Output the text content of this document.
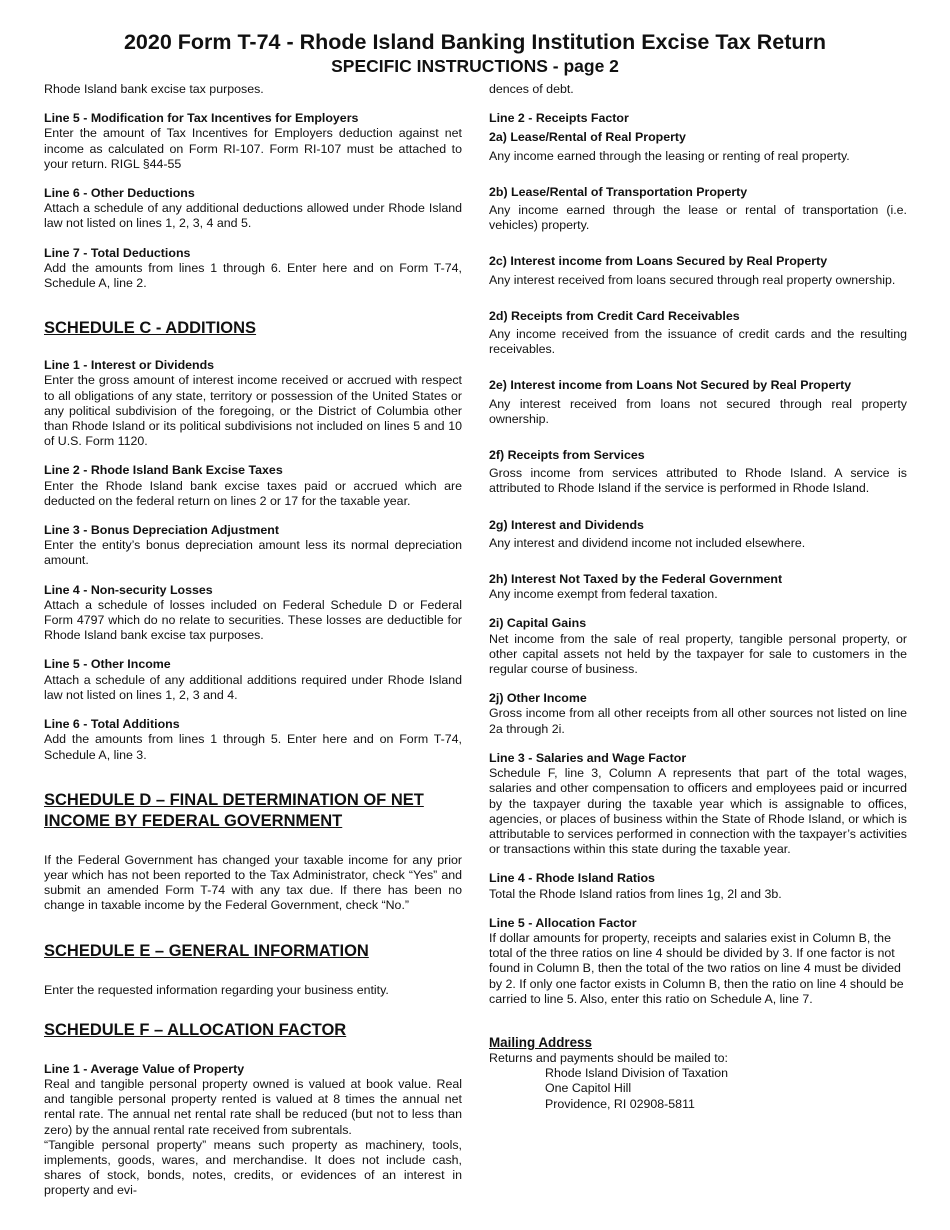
2020 Form T-74 - Rhode Island Banking Institution Excise Tax Return
SPECIFIC INSTRUCTIONS - page 2

Rhode Island bank excise tax purposes.

Line 5 - Modification for Tax Incentives for Employers

Enter the amount of Tax Incentives for Employers deduction against net income as calculated on Form RI-107. Form RI-107 must be attached to your return. RIGL §44-55

Line 6 - Other Deductions

Attach a schedule of any additional deductions allowed under Rhode Island law not listed on lines 1, 2, 3, 4 and 5.

Line 7 - Total Deductions

Add the amounts from lines 1 through 6. Enter here and on Form T-74, Schedule A, line 2.

SCHEDULE C - ADDITIONS

Line 1 - Interest or Dividends

Enter the gross amount of interest income received or accrued with respect to all obligations of any state, territory or possession of the United States or any political subdivision of the foregoing, or the District of Columbia other than Rhode Island or its political subdivisions not included on lines 5 and 10 of U.S. Form 1120.

Line 2 - Rhode Island Bank Excise Taxes

Enter the Rhode Island bank excise taxes paid or accrued which are deducted on the federal return on lines 2 or 17 for the taxable year.

Line 3 - Bonus Depreciation Adjustment

Enter the entity’s bonus depreciation amount less its normal depreciation amount.

Line 4 - Non-security Losses

Attach a schedule of losses included on Federal Schedule D or Federal Form 4797 which do no relate to securities. These losses are deductible for Rhode Island bank excise tax purposes.

Line 5 - Other Income

Attach a schedule of any additional additions required under Rhode Island law not listed on lines 1, 2, 3 and 4.

Line 6 - Total Additions

Add the amounts from lines 1 through 5. Enter here and on Form T-74, Schedule A, line 3.

SCHEDULE D – FINAL DETERMINATION OF NET

INCOME BY FEDERAL GOVERNMENT

If the Federal Government has changed your taxable income for any prior year which has not been reported to the Tax Administrator, check “Yes” and submit an amended Form T-74 with any tax due. If there has been no change in taxable income by the Federal Government, check “No.”

SCHEDULE E – GENERAL INFORMATION

Enter the requested information regarding your business entity.

SCHEDULE F – ALLOCATION FACTOR

Line 1 - Average Value of Property

Real and tangible personal property owned is valued at book value. Real and tangible personal property rented is valued at 8 times the annual net rental rate. The annual net rental rate shall be reduced (but not to less than zero) by the annual rental rate received from subrentals.

“Tangible personal property” means such property as machinery, tools, implements, goods, wares, and merchandise. It does not include cash, shares of stock, bonds, notes, credits, or evidences of an interest in property and evi-

dences of debt.

Line 2 - Receipts Factor

2a) Lease/Rental of Real Property

Any income earned through the leasing or renting of real property.

2b) Lease/Rental of Transportation Property

Any income earned through the lease or rental of transportation (i.e. vehicles) property.

2c) Interest income from Loans Secured by Real Property

Any interest received from loans secured through real property ownership.

2d) Receipts from Credit Card Receivables

Any income received from the issuance of credit cards and the resulting receivables.

2e) Interest income from Loans Not Secured by Real Property

Any interest received from loans not secured through real property ownership.

2f) Receipts from Services

Gross income from services attributed to Rhode Island. A service is attributed to Rhode Island if the service is performed in Rhode Island.

2g) Interest and Dividends

Any interest and dividend income not included elsewhere.

2h) Interest Not Taxed by the Federal Government

Any income exempt from federal taxation.

2i) Capital Gains

Net income from the sale of real property, tangible personal property, or other capital assets not held by the taxpayer for sale to customers in the regular course of business.

2j) Other Income

Gross income from all other receipts from all other sources not listed on line 2a through 2i.

Line 3 - Salaries and Wage Factor

Schedule F, line 3, Column A represents that part of the total wages, salaries and other compensation to officers and employees paid or incurred by the taxpayer during the taxable year which is assignable to offices, agencies, or places of business within the State of Rhode Island, or which is attributable to services performed in connection with the taxpayer’s activities or transactions within this state during the taxable year.

Line 4 - Rhode Island Ratios

Total the Rhode Island ratios from lines 1g, 2l and 3b.

Line 5 - Allocation Factor

If dollar amounts for property, receipts and salaries exist in Column B, the total of the three ratios on line 4 should be divided by 3. If one factor is not found in Column B, then the total of the two ratios on line 4 must be divided by 2. If only one factor exists in Column B, then the ratio on line 4 should be carried to line 5. Also, enter this ratio on Schedule A, line 7.

Mailing Address

Returns and payments should be mailed to:

Rhode Island Division of Taxation

One Capitol Hill

Providence, RI 02908-5811
